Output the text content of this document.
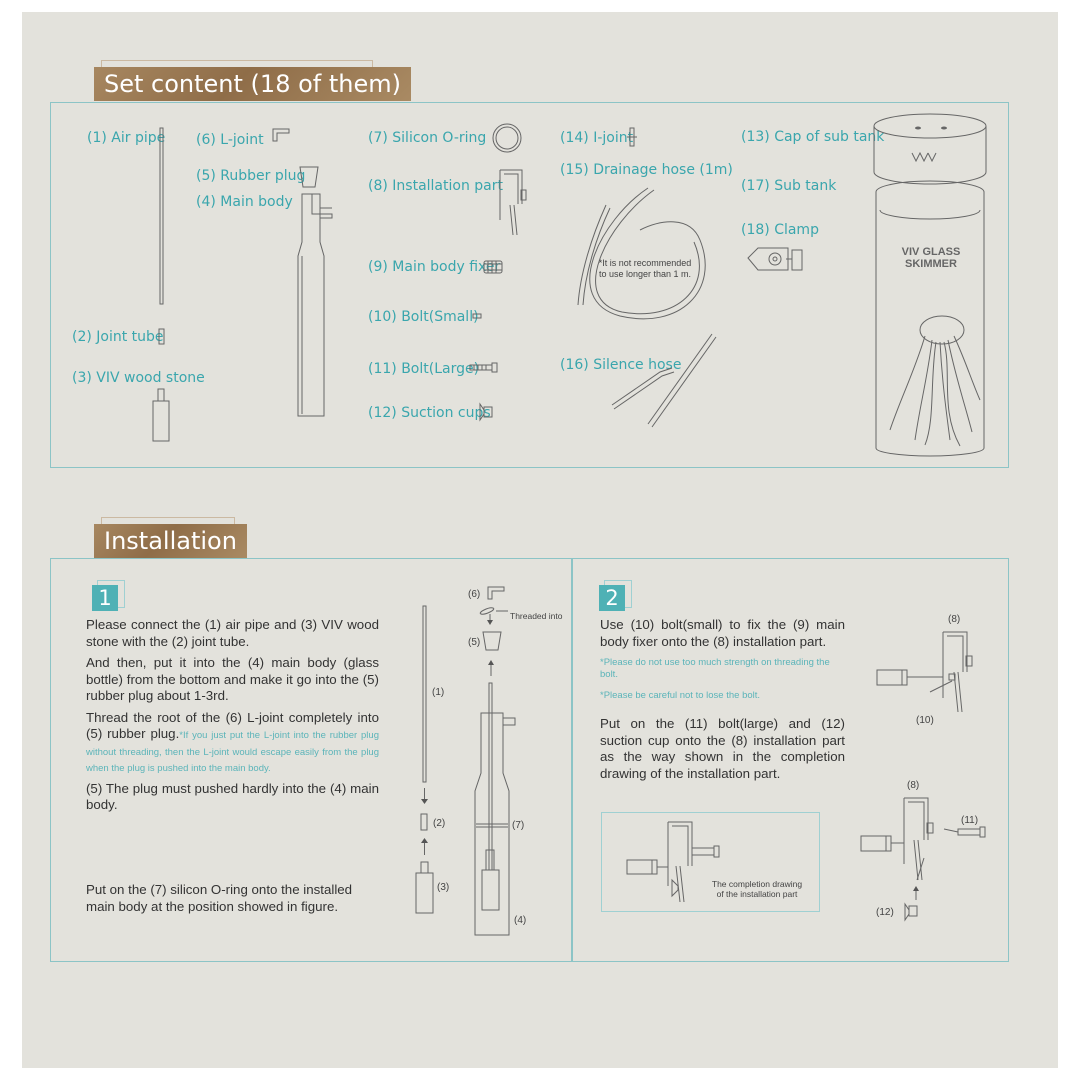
Set content (18 of them)
(1) Air pipe
(2) Joint tube
(3) VIV wood stone
(6) L-joint
(5) Rubber plug
(4) Main body
(7) Silicon O-ring
(8) Installation part
(9) Main body fixer
(10) Bolt(Small)
(11) Bolt(Large)
(12) Suction cups
(14) I-joint
(15) Drainage hose (1m)
(16) Silence hose
(13) Cap of sub tank
(17) Sub tank
(18) Clamp
VIV GLASS
SKIMMER
*It is not recommended
to use longer than 1 m.
Installation
1

Please connect the (1) air pipe and (3) VIV wood stone with the (2) joint tube.

And then, put it into the (4) main body (glass bottle) from the bottom and make it go into the (5) rubber plug about 1-3rd.

Thread the root of the (6) L-joint completely into (5) rubber plug.*If you just put the L-joint into the rubber plug without threading, then the L-joint would escape easily from the plug when the plug is pushed into the main body.

(5) The plug must pushed hardly into the (4) main body.

Put on the (7) silicon O-ring onto the installed main body at the position showed in figure.
(1)
(2)
(3)
(4)
(5)
(6)
(7)
Threaded into
2
Use (10) bolt(small) to fix the (9) main body fixer onto the (8) installation part.
*Please do not use too much strength on threading the bolt.
*Please be careful not to lose the bolt.
Put on the (11) bolt(large) and (12) suction cup onto the (8) installation part as the way shown in the completion drawing of the installation part.
The completion drawing
of the installation part
(8)
(10)
(8)
(11)
(12)
